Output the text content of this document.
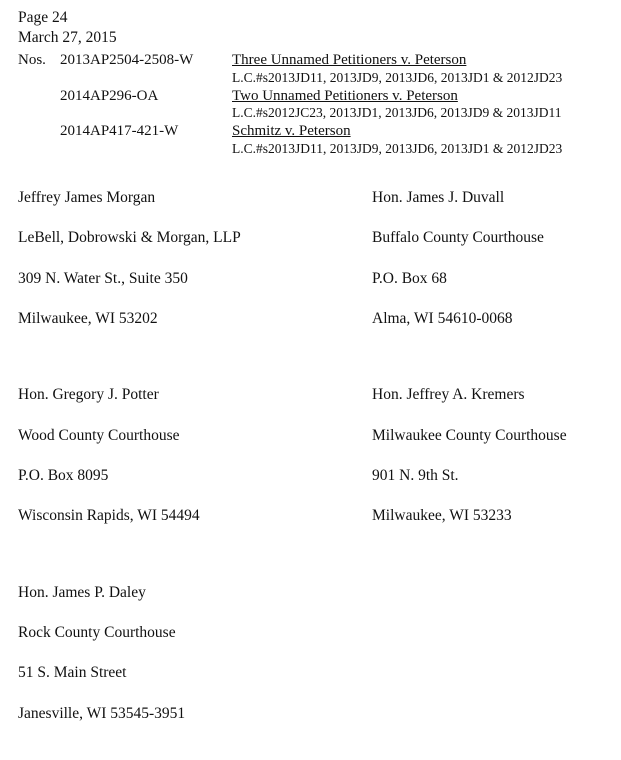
Page 24
March 27, 2015
Nos. 2013AP2504-2508-W	Three Unnamed Petitioners v. Peterson
L.C.#s2013JD11, 2013JD9, 2013JD6, 2013JD1 & 2012JD23
2014AP296-OA	Two Unnamed Petitioners v. Peterson
L.C.#s2012JC23, 2013JD1, 2013JD6, 2013JD9 & 2013JD11
2014AP417-421-W	Schmitz v. Peterson
L.C.#s2013JD11, 2013JD9, 2013JD6, 2013JD1 & 2012JD23

Jeffrey James Morgan

LeBell, Dobrowski & Morgan, LLP

309 N. Water St., Suite 350

Milwaukee, WI 53202

Hon. James J. Duvall

Buffalo County Courthouse

P.O. Box 68

Alma, WI 54610-0068

Hon. Gregory J. Potter

Wood County Courthouse

P.O. Box 8095

Wisconsin Rapids, WI 54494

Hon. Jeffrey A. Kremers

Milwaukee County Courthouse

901 N. 9th St.

Milwaukee, WI 53233

Hon. James P. Daley

Rock County Courthouse

51 S. Main Street

Janesville, WI 53545-3951
